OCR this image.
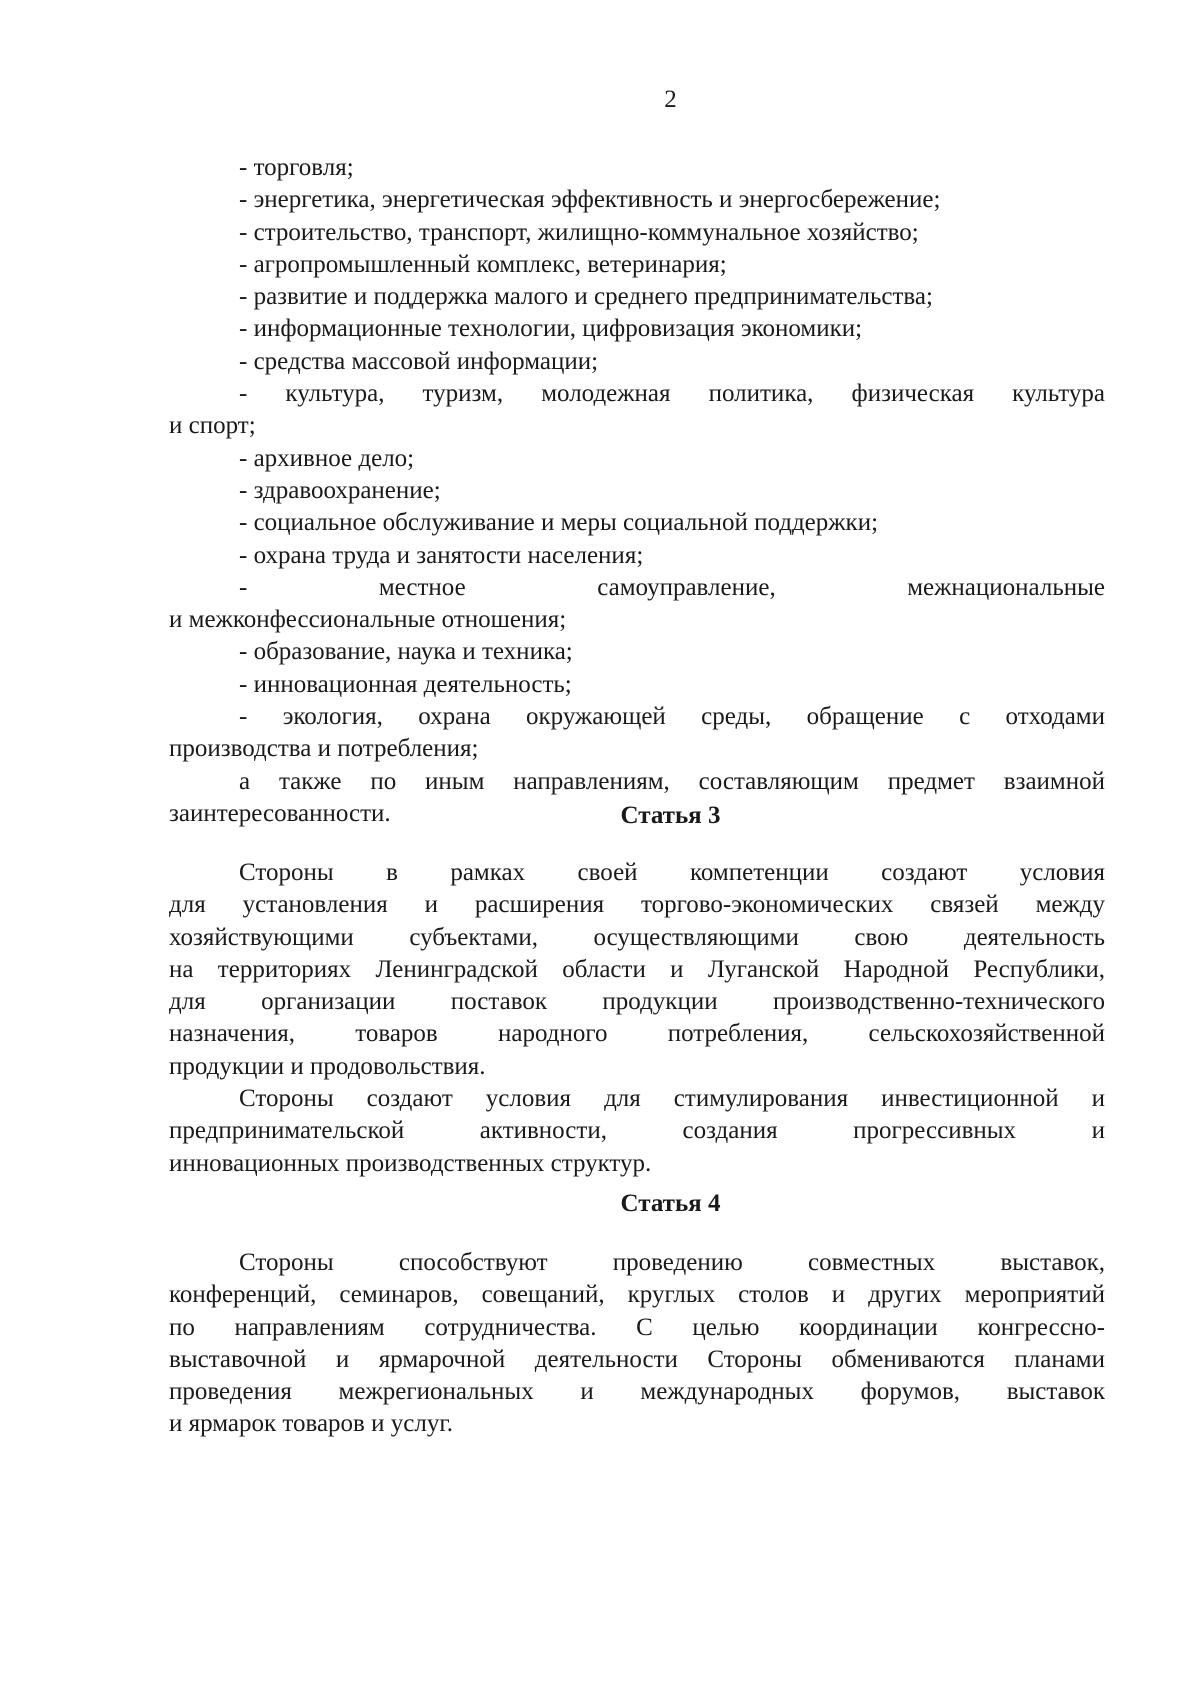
2
- торговля;
- энергетика, энергетическая эффективность и энергосбережение;
- строительство, транспорт, жилищно-коммунальное хозяйство;
- агропромышленный комплекс, ветеринария;
- развитие и поддержка малого и среднего предпринимательства;
- информационные технологии, цифровизация экономики;
- средства массовой информации;
- культура, туризм, молодежная политика, физическая культура
и спорт;
- архивное дело;
- здравоохранение;
- социальное обслуживание и меры социальной поддержки;
- охрана труда и занятости населения;
- местное самоуправление, межнациональные
и межконфессиональные отношения;
- образование, наука и техника;
- инновационная деятельность;
- экология, охрана окружающей среды, обращение с отходами
производства и потребления;
а также по иным направлениям, составляющим предмет взаимной
заинтересованности.	Статья 3
Стороны в рамках своей компетенции создают условия
для установления и расширения торгово-экономических связей между
хозяйствующими субъектами, осуществляющими свою деятельность
на территориях Ленинградской области и Луганской Народной Республики,
для организации поставок продукции производственно-технического
назначения, товаров народного потребления, сельскохозяйственной
продукции и продовольствия.
Стороны создают условия для стимулирования инвестиционной и
предпринимательской активности, создания прогрессивных и
инновационных производственных структур.
Статья 4
Стороны способствуют проведению совместных выставок,
конференций, семинаров, совещаний, круглых столов и других мероприятий
по направлениям сотрудничества. С целью координации конгрессно-
выставочной и ярмарочной деятельности Стороны обмениваются планами
проведения межрегиональных и международных форумов, выставок
и ярмарок товаров и услуг.
